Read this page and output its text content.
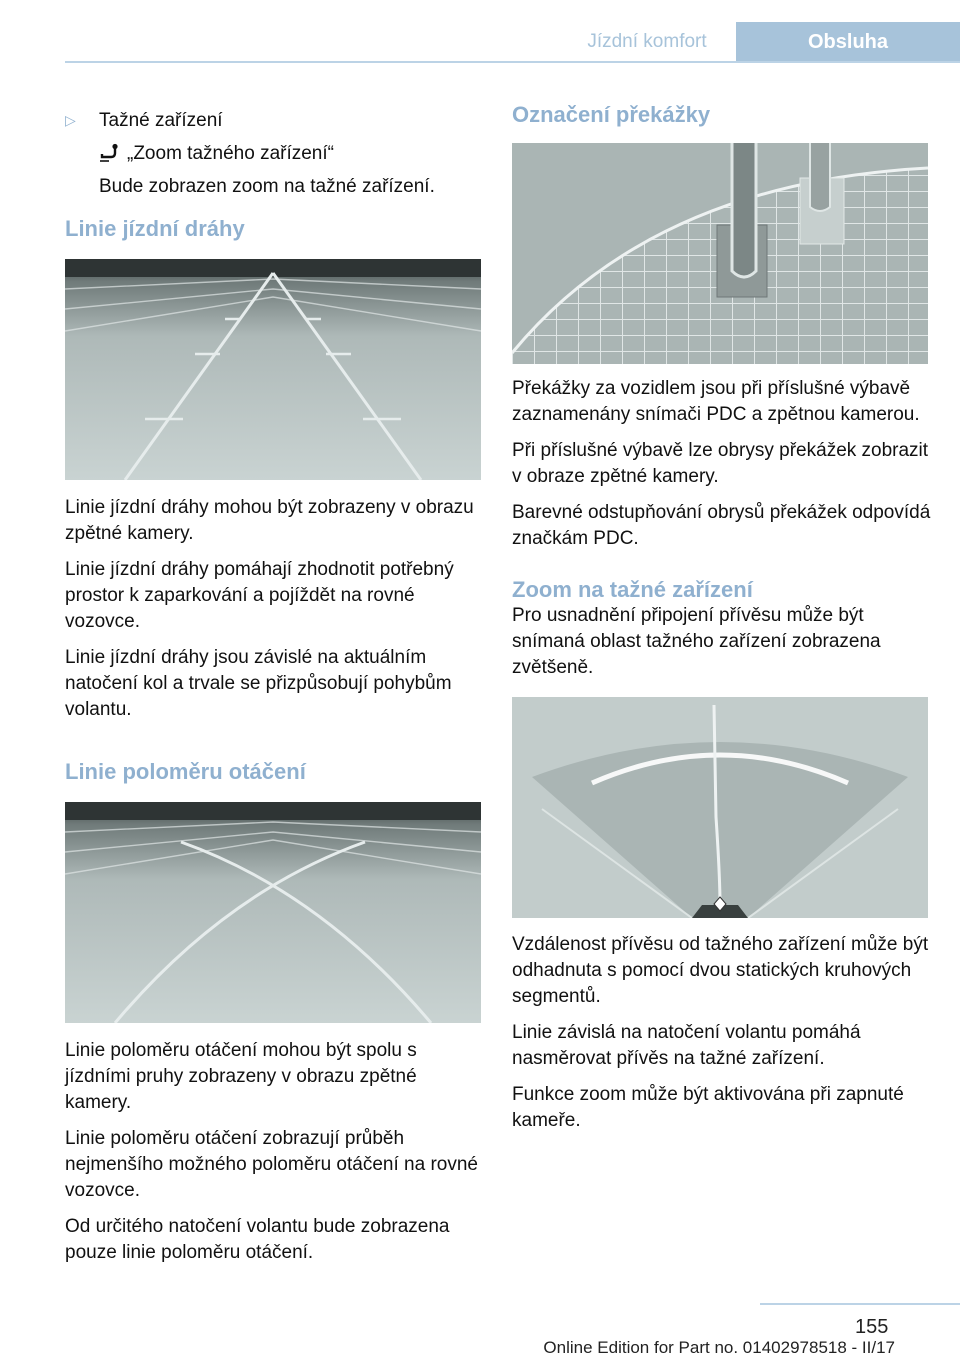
Jízdní komfort	Obsluha
▷ Tažné zařízení
„Zoom tažného zařízení“
Bude zobrazen zoom na tažné zařízení.
Linie jízdní dráhy

Linie jízdní dráhy mohou být zobrazeny v obrazu zpětné kamery.

Linie jízdní dráhy pomáhají zhodnotit potřebný prostor k zaparkování a pojíždět na rovné vozovce.

Linie jízdní dráhy jsou závislé na aktuálním natočení kol a trvale se přizpůsobují pohybům volantu.

Linie poloměru otáčení

Linie poloměru otáčení mohou být spolu s jízdními pruhy zobrazeny v obrazu zpětné kamery.

Linie poloměru otáčení zobrazují průběh nejmenšího možného poloměru otáčení na rovné vozovce.

Od určitého natočení volantu bude zobrazena pouze linie poloměru otáčení.

Označení překážky

Překážky za vozidlem jsou při příslušné výbavě zaznamenány snímači PDC a zpětnou kamerou.

Při příslušné výbavě lze obrysy překážek zobrazit v obraze zpětné kamery.

Barevné odstupňování obrysů překážek odpovídá značkám PDC.

Zoom na tažné zařízení

Pro usnadnění připojení přívěsu může být snímaná oblast tažného zařízení zobrazena zvětšeně.

Vzdálenost přívěsu od tažného zařízení může být odhadnuta s pomocí dvou statických kruhových segmentů.

Linie závislá na natočení volantu pomáhá nasměrovat přívěs na tažné zařízení.

Funkce zoom může být aktivována při zapnuté kameře.

155
Online Edition for Part no. 01402978518 - II/17
